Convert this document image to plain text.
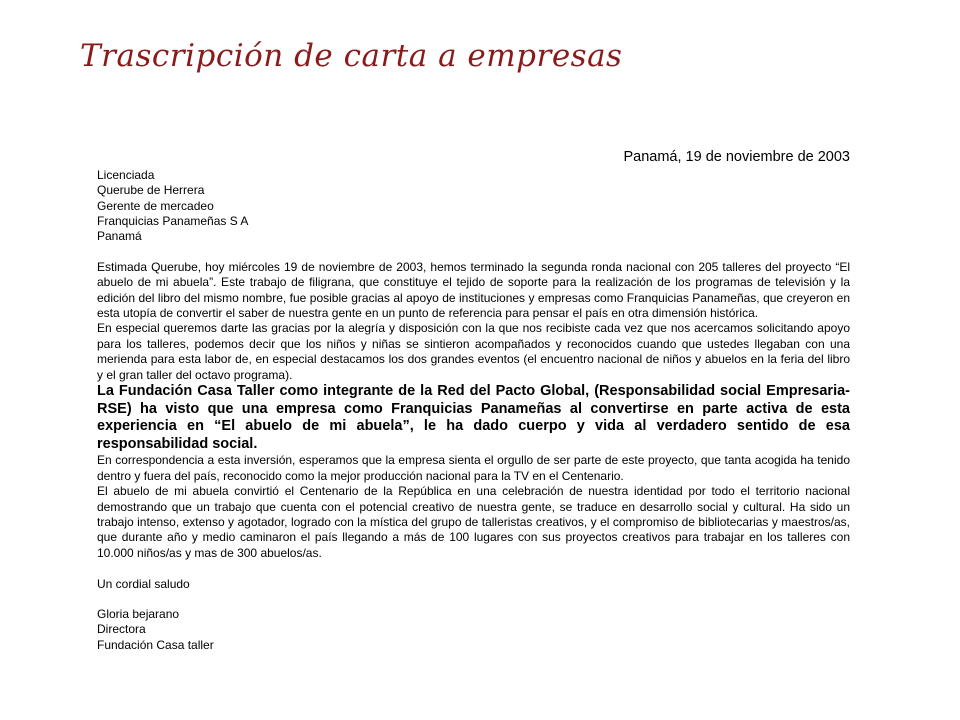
Trascripción de carta a empresas
Panamá, 19 de noviembre de 2003
Licenciada
Querube de Herrera
Gerente de mercadeo
Franquicias Panameñas S A
Panamá

Estimada Querube, hoy miércoles 19 de noviembre de 2003, hemos terminado la segunda ronda nacional con 205 talleres del proyecto “El abuelo de mi abuela”. Este trabajo de filigrana, que constituye el tejido de soporte para la realización de los programas de televisión y la edición del libro del mismo nombre, fue posible gracias al apoyo de instituciones y empresas como Franquicias Panameñas, que creyeron en esta utopía de convertir el saber de nuestra gente en un punto de referencia para pensar el país en otra dimensión histórica.

En especial queremos darte las gracias por la alegría y disposición con la que nos recibiste cada vez que nos acercamos solicitando apoyo para los talleres, podemos decir que los niños y niñas se sintieron acompañados y reconocidos cuando que ustedes llegaban con una merienda para esta labor de, en especial destacamos los dos grandes eventos (el encuentro nacional de niños y abuelos en la feria del libro y el gran taller del octavo programa).

La Fundación Casa Taller como integrante de la Red del Pacto Global, (Responsabilidad social Empresaria-RSE) ha visto que una empresa como Franquicias Panameñas al convertirse en parte activa de esta experiencia en “El abuelo de mi abuela”, le ha dado cuerpo y vida al verdadero sentido de esa responsabilidad social.

En correspondencia a esta inversión, esperamos que la empresa sienta el orgullo de ser parte de este proyecto, que tanta acogida ha tenido dentro y fuera del país, reconocido como la mejor producción nacional para la TV en el Centenario.

El abuelo de mi abuela convirtió el Centenario de la República en una celebración de nuestra identidad por todo el territorio nacional demostrando que un trabajo que cuenta con el potencial creativo de nuestra gente, se traduce en desarrollo social y cultural. Ha sido un trabajo intenso, extenso y agotador, logrado con la mística del grupo de talleristas creativos, y el compromiso de bibliotecarias y maestros/as, que durante año y medio caminaron el país llegando a más de 100 lugares con sus proyectos creativos para trabajar en los talleres con 10.000 niños/as y mas de 300 abuelos/as.

Un cordial saludo
Gloria bejarano
Directora
Fundación Casa taller
